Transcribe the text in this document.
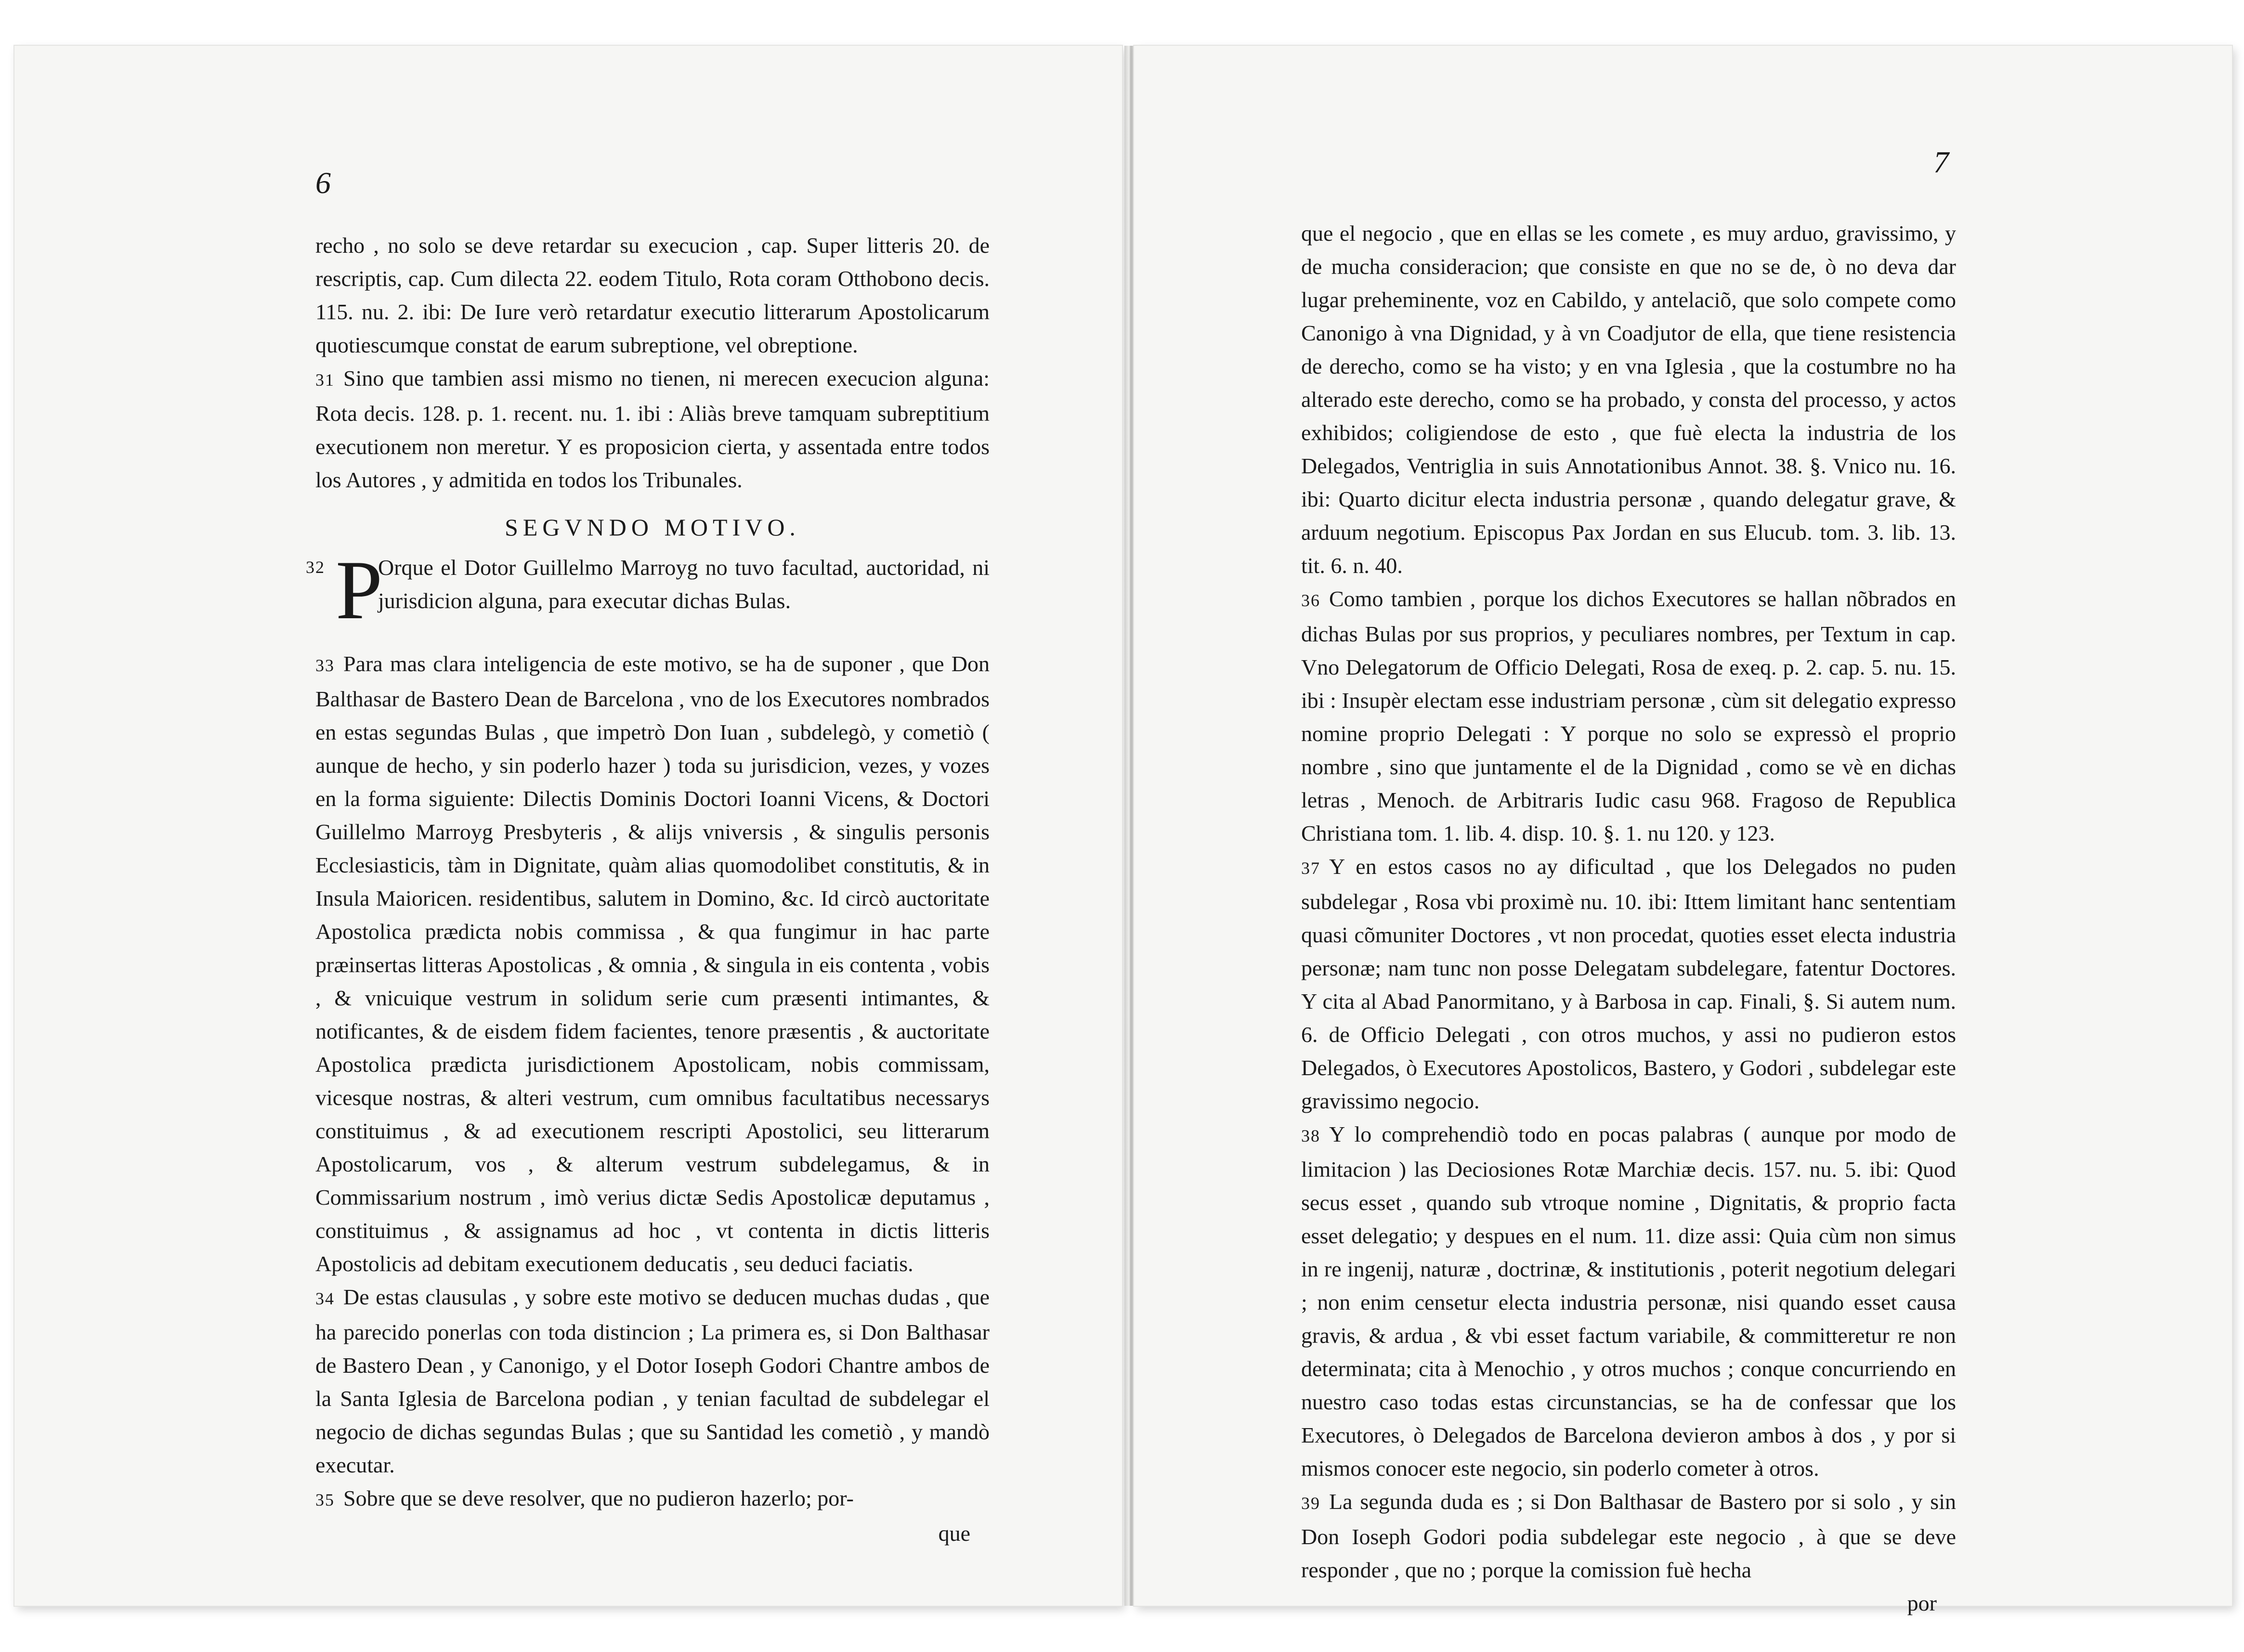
6

recho , no solo se deve retardar su execucion , cap. Super litteris 20. de rescriptis, cap. Cum dilecta 22. eodem Titulo, Rota coram Otthobono decis. 115. nu. 2. ibi: De Iure verò retardatur executio litterarum Apostolicarum quotiescumque constat de earum subreptione, vel obreptione.

31 Sino que tambien assi mismo no tienen, ni merecen execucion alguna: Rota decis. 128. p. 1. recent. nu. 1. ibi : Aliàs breve tamquam subreptitium executionem non meretur. Y es proposicion cierta, y assentada entre todos los Autores , y admitida en todos los Tribunales.

SEGVNDO MOTIVO.

32 P
Orque el Dotor Guillelmo Marroyg no tuvo facultad, auctoridad, ni jurisdicion alguna, para executar dichas Bulas.

33 Para mas clara inteligencia de este motivo, se ha de suponer , que Don Balthasar de Bastero Dean de Barcelona , vno de los Executores nombrados en estas segundas Bulas , que impetrò Don Iuan , subdelegò, y cometiò ( aunque de hecho, y sin poderlo hazer ) toda su jurisdicion, vezes, y vozes en la forma siguiente: Dilectis Dominis Doctori Ioanni Vicens, & Doctori Guillelmo Marroyg Presbyteris , & alijs vniversis , & singulis personis Ecclesiasticis, tàm in Dignitate, quàm alias quomodolibet constitutis, & in Insula Maioricen. residentibus, salutem in Domino, &c. Id circò auctoritate Apostolica prædicta nobis commissa , & qua fungimur in hac parte præinsertas litteras Apostolicas , & omnia , & singula in eis contenta , vobis , & vnicuique vestrum in solidum serie cum præsenti intimantes, & notificantes, & de eisdem fidem facientes, tenore præsentis , & auctoritate Apostolica prædicta jurisdictionem Apostolicam, nobis commissam, vicesque nostras, & alteri vestrum, cum omnibus facultatibus necessarys constituimus , & ad executionem rescripti Apostolici, seu litterarum Apostolicarum, vos , & alterum vestrum subdelegamus, & in Commissarium nostrum , imò verius dictæ Sedis Apostolicæ deputamus , constituimus , & assignamus ad hoc , vt contenta in dictis litteris Apostolicis ad debitam executionem deducatis , seu deduci faciatis.

34 De estas clausulas , y sobre este motivo se deducen muchas dudas , que ha parecido ponerlas con toda distincion ; La primera es, si Don Balthasar de Bastero Dean , y Canonigo, y el Dotor Ioseph Godori Chantre ambos de la Santa Iglesia de Barcelona podian , y tenian facultad de subdelegar el negocio de dichas segundas Bulas ; que su Santidad les cometiò , y mandò executar.

35 Sobre que se deve resolver, que no pudieron hazerlo; por-

que

7

que el negocio , que en ellas se les comete , es muy arduo, gravissimo, y de mucha consideracion; que consiste en que no se de, ò no deva dar lugar preheminente, voz en Cabildo, y antelaciõ, que solo compete como Canonigo à vna Dignidad, y à vn Coadjutor de ella, que tiene resistencia de derecho, como se ha visto; y en vna Iglesia , que la costumbre no ha alterado este derecho, como se ha probado, y consta del processo, y actos exhibidos; coligiendose de esto , que fuè electa la industria de los Delegados, Ventriglia in suis Annotationibus Annot. 38. §. Vnico nu. 16. ibi: Quarto dicitur electa industria personæ , quando delegatur grave, & arduum negotium. Episcopus Pax Jordan en sus Elucub. tom. 3. lib. 13. tit. 6. n. 40.

36 Como tambien , porque los dichos Executores se hallan nõbrados en dichas Bulas por sus proprios, y peculiares nombres, per Textum in cap. Vno Delegatorum de Officio Delegati, Rosa de exeq. p. 2. cap. 5. nu. 15. ibi : Insupèr electam esse industriam personæ , cùm sit delegatio expresso nomine proprio Delegati : Y porque no solo se expressò el proprio nombre , sino que juntamente el de la Dignidad , como se vè en dichas letras , Menoch. de Arbitraris Iudic casu 968. Fragoso de Republica Christiana tom. 1. lib. 4. disp. 10. §. 1. nu 120. y 123.

37 Y en estos casos no ay dificultad , que los Delegados no puden subdelegar , Rosa vbi proximè nu. 10. ibi: Ittem limitant hanc sententiam quasi cõmuniter Doctores , vt non procedat, quoties esset electa industria personæ; nam tunc non posse Delegatam subdelegare, fatentur Doctores. Y cita al Abad Panormitano, y à Barbosa in cap. Finali, §. Si autem num. 6. de Officio Delegati , con otros muchos, y assi no pudieron estos Delegados, ò Executores Apostolicos, Bastero, y Godori , subdelegar este gravissimo negocio.

38 Y lo comprehendiò todo en pocas palabras ( aunque por modo de limitacion ) las Deciosiones Rotæ Marchiæ decis. 157. nu. 5. ibi: Quod secus esset , quando sub vtroque nomine , Dignitatis, & proprio facta esset delegatio; y despues en el num. 11. dize assi: Quia cùm non simus in re ingenij, naturæ , doctrinæ, & institutionis , poterit negotium delegari ; non enim censetur electa industria personæ, nisi quando esset causa gravis, & ardua , & vbi esset factum variabile, & committeretur re non determinata; cita à Menochio , y otros muchos ; conque concurriendo en nuestro caso todas estas circunstancias, se ha de confessar que los Executores, ò Delegados de Barcelona devieron ambos à dos , y por si mismos conocer este negocio, sin poderlo cometer à otros.

39 La segunda duda es ; si Don Balthasar de Bastero por si solo , y sin Don Ioseph Godori podia subdelegar este negocio , à que se deve responder , que no ; porque la comission fuè hecha

por
